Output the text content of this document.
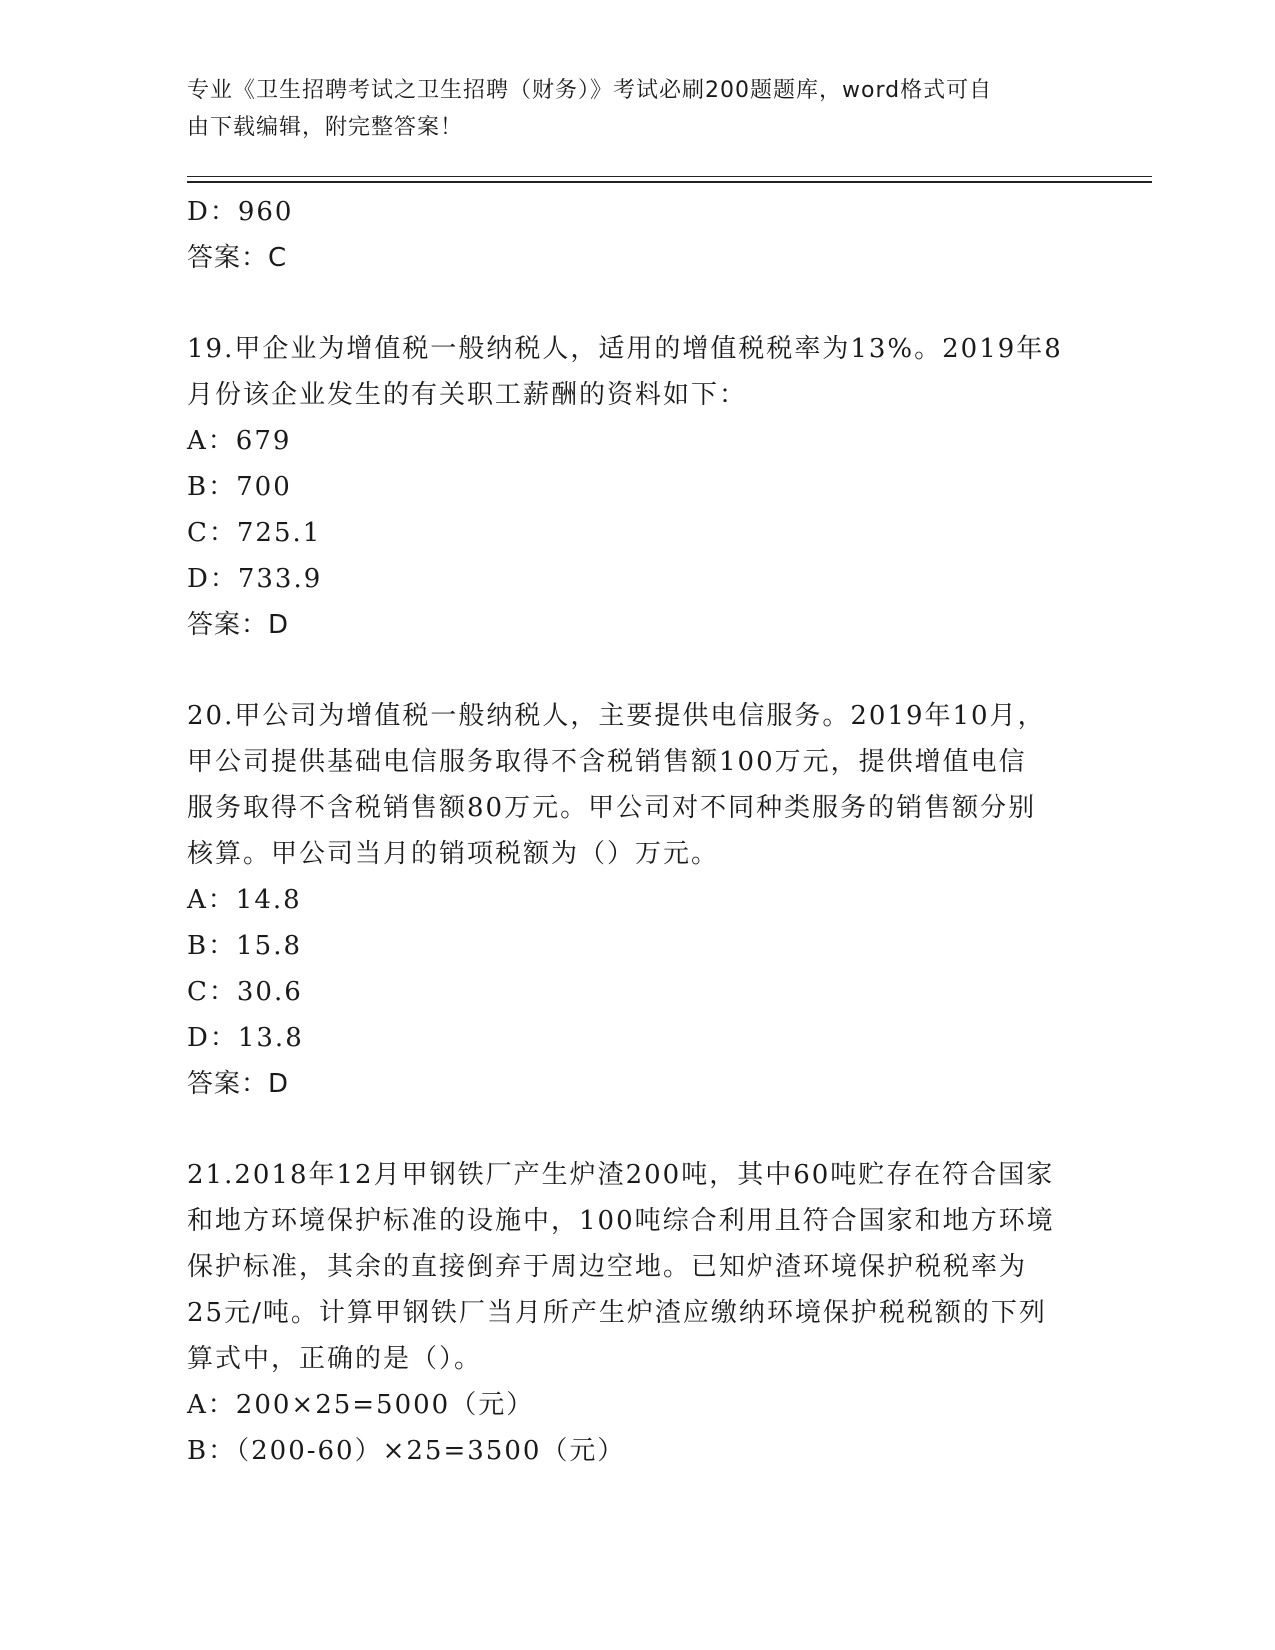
专业《卫生招聘考试之卫生招聘（财务）》考试必刷200题题库，word格式可自
由下载编辑，附完整答案！
D：960
答案：C
19.甲企业为增值税一般纳税人，适用的增值税税率为13%。2019年8
月份该企业发生的有关职工薪酬的资料如下：
A：679
B：700
C：725.1
D：733.9
答案：D
20.甲公司为增值税一般纳税人，主要提供电信服务。2019年10月，
甲公司提供基础电信服务取得不含税销售额100万元，提供增值电信
服务取得不含税销售额80万元。甲公司对不同种类服务的销售额分别
核算。甲公司当月的销项税额为（）万元。
A：14.8
B：15.8
C：30.6
D：13.8
答案：D
21.2018年12月甲钢铁厂产生炉渣200吨，其中60吨贮存在符合国家
和地方环境保护标准的设施中，100吨综合利用且符合国家和地方环境
保护标准，其余的直接倒弃于周边空地。已知炉渣环境保护税税率为
25元/吨。计算甲钢铁厂当月所产生炉渣应缴纳环境保护税税额的下列
算式中，正确的是（）。
A：200×25=5000（元）
B：（200-60）×25=3500（元）
